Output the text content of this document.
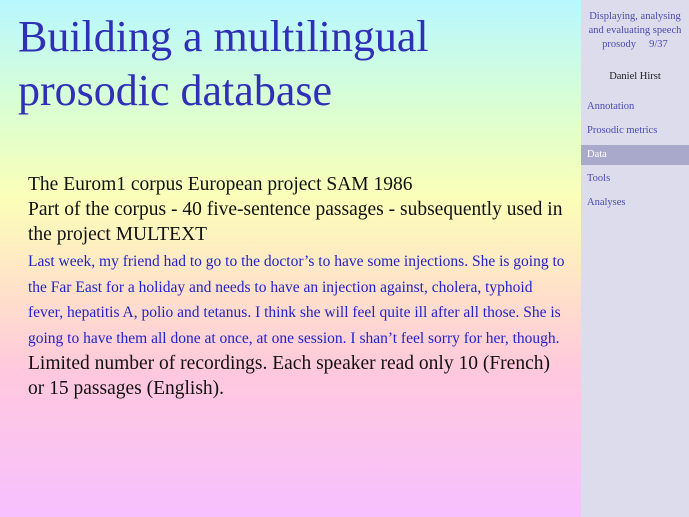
Building a multilingual prosodic database
The Eurom1 corpus European project SAM 1986
Part of the corpus - 40 five-sentence passages - subsequently used in the project MULTEXT
Last week, my friend had to go to the doctor’s to have some injections. She is going to the Far East for a holiday and needs to have an injection against, cholera, typhoid fever, hepatitis A, polio and tetanus. I think she will feel quite ill after all those. She is going to have them all done at once, at one session. I shan’t feel sorry for her, though.
Limited number of recordings. Each speaker read only 10 (French) or 15 passages (English).
Displaying, analysing and evaluating speech prosody 9/37
Daniel Hirst
Annotation
Prosodic metrics
Data
Tools
Analyses
